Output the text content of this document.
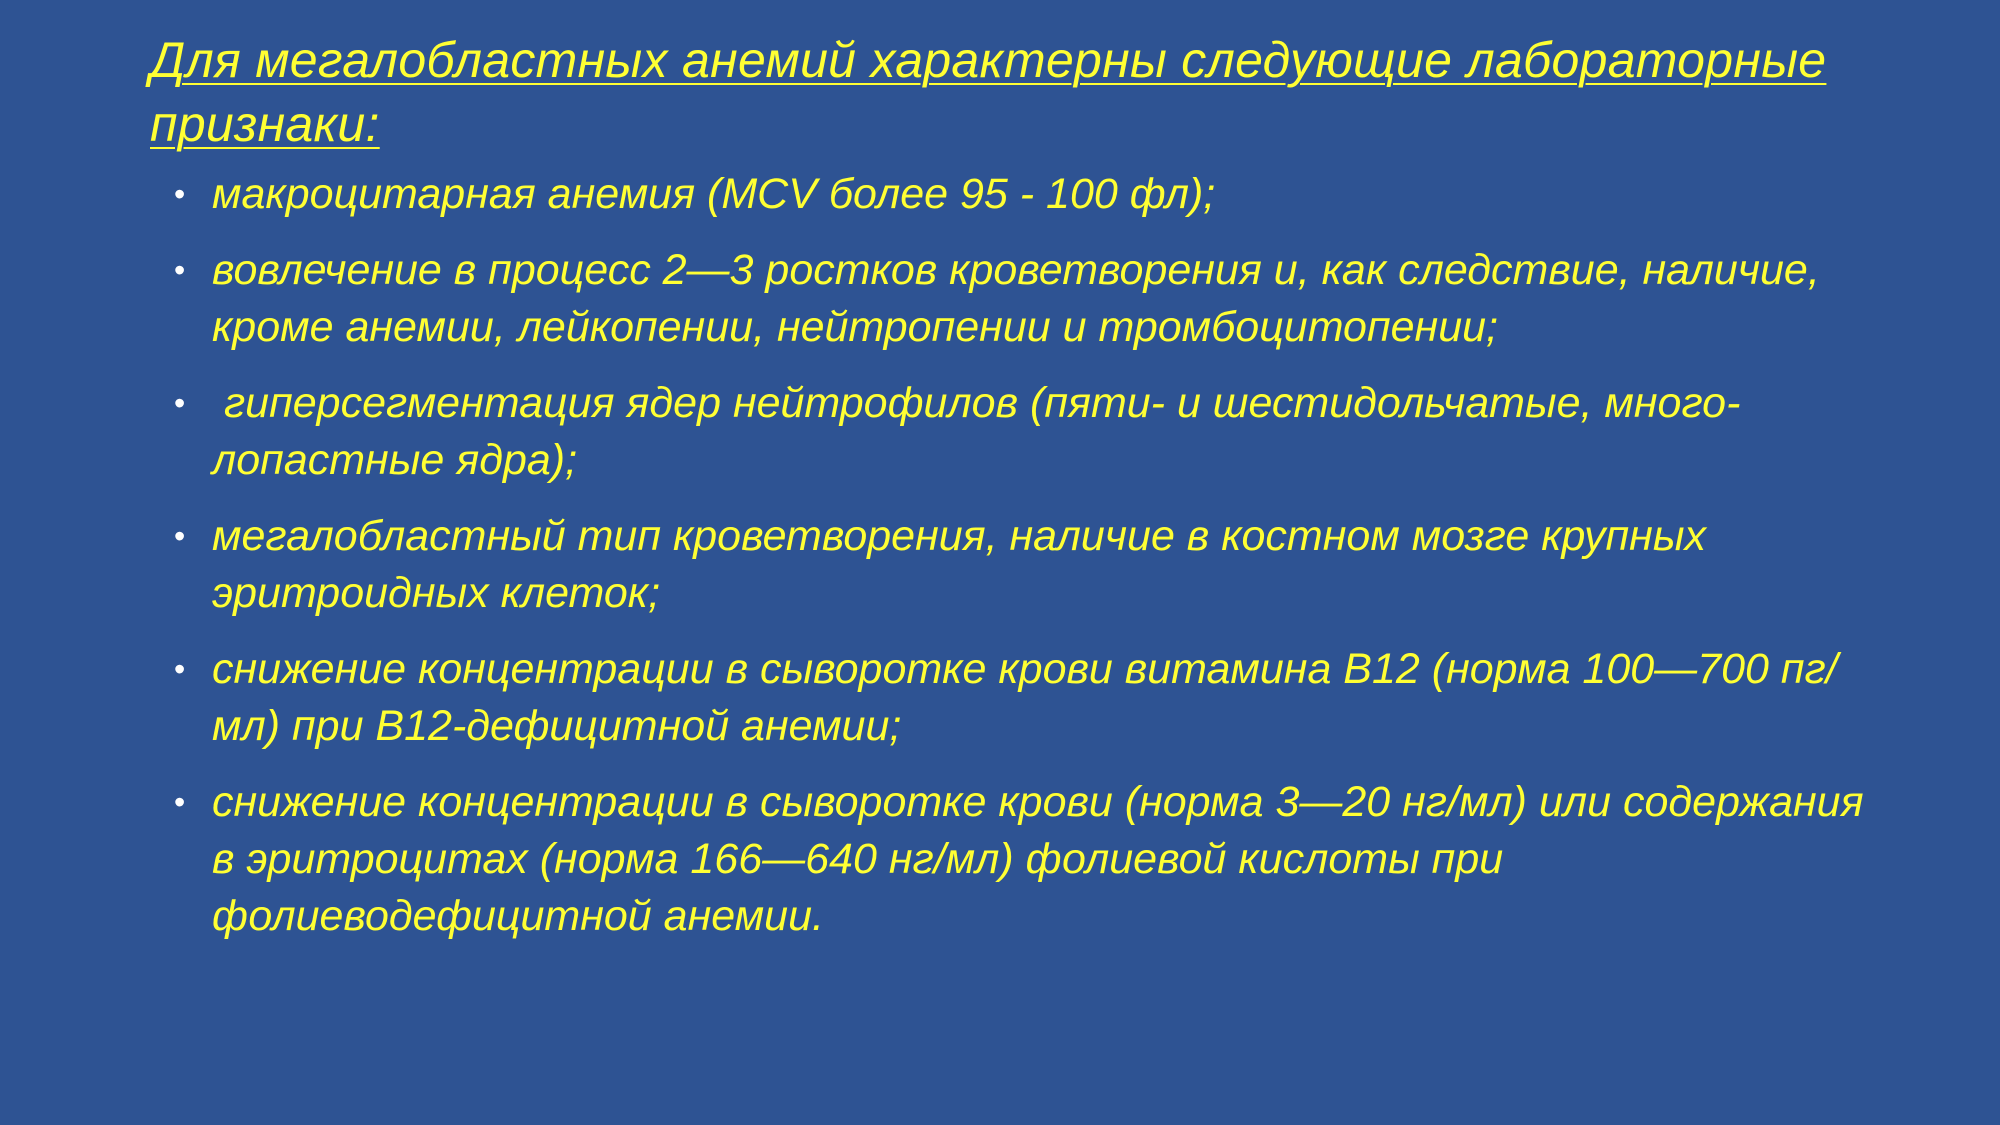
Для мегалобластных анемий характерны следующие лабораторные признаки:
• макроцитарная анемия (MCV более 95 - 100 фл);
• вовлечение в процесс 2—3 ростков кроветворения и, как следствие, наличие, кроме анемии, лейкопении, нейтропении и тромбоцитопении;
• гиперсегментация ядер нейтрофилов (пяти- и шестидольчатые, много-лопастные ядра);
• мегалобластный тип кроветворения, наличие в костном мозге крупных эритроидных клеток;
• снижение концентрации в сыворотке крови витамина В12 (норма 100—700 пг/мл) при В12-дефицитной анемии;
• снижение концентрации в сыворотке крови (норма 3—20 нг/мл) или содержания в эритроцитах (норма 166—640 нг/мл) фолиевой кислоты при фолиеводефицитной анемии.
